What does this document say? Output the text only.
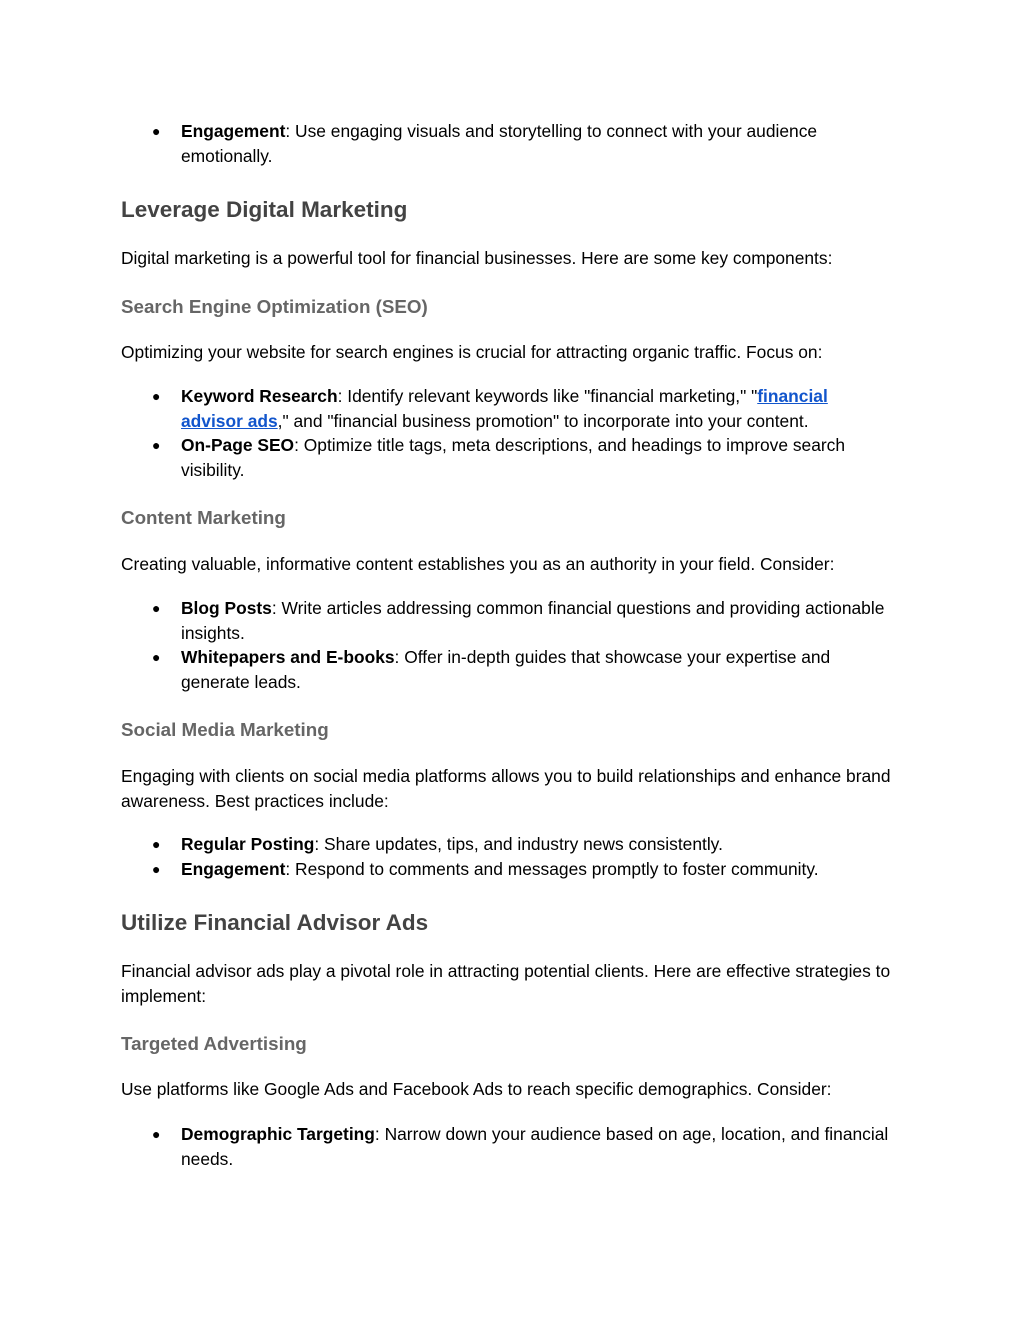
● Engagement: Use engaging visuals and storytelling to connect with your audience emotionally.
Leverage Digital Marketing

Digital marketing is a powerful tool for financial businesses. Here are some key components:

Search Engine Optimization (SEO)

Optimizing your website for search engines is crucial for attracting organic traffic. Focus on:

● Keyword Research: Identify relevant keywords like "financial marketing," "financial advisor ads," and "financial business promotion" to incorporate into your content.
● On-Page SEO: Optimize title tags, meta descriptions, and headings to improve search visibility.
Content Marketing

Creating valuable, informative content establishes you as an authority in your field. Consider:

● Blog Posts: Write articles addressing common financial questions and providing actionable insights.
● Whitepapers and E-books: Offer in-depth guides that showcase your expertise and generate leads.
Social Media Marketing

Engaging with clients on social media platforms allows you to build relationships and enhance brand awareness. Best practices include:

● Regular Posting: Share updates, tips, and industry news consistently.
● Engagement: Respond to comments and messages promptly to foster community.
Utilize Financial Advisor Ads

Financial advisor ads play a pivotal role in attracting potential clients. Here are effective strategies to implement:

Targeted Advertising

Use platforms like Google Ads and Facebook Ads to reach specific demographics. Consider:

● Demographic Targeting: Narrow down your audience based on age, location, and financial needs.
